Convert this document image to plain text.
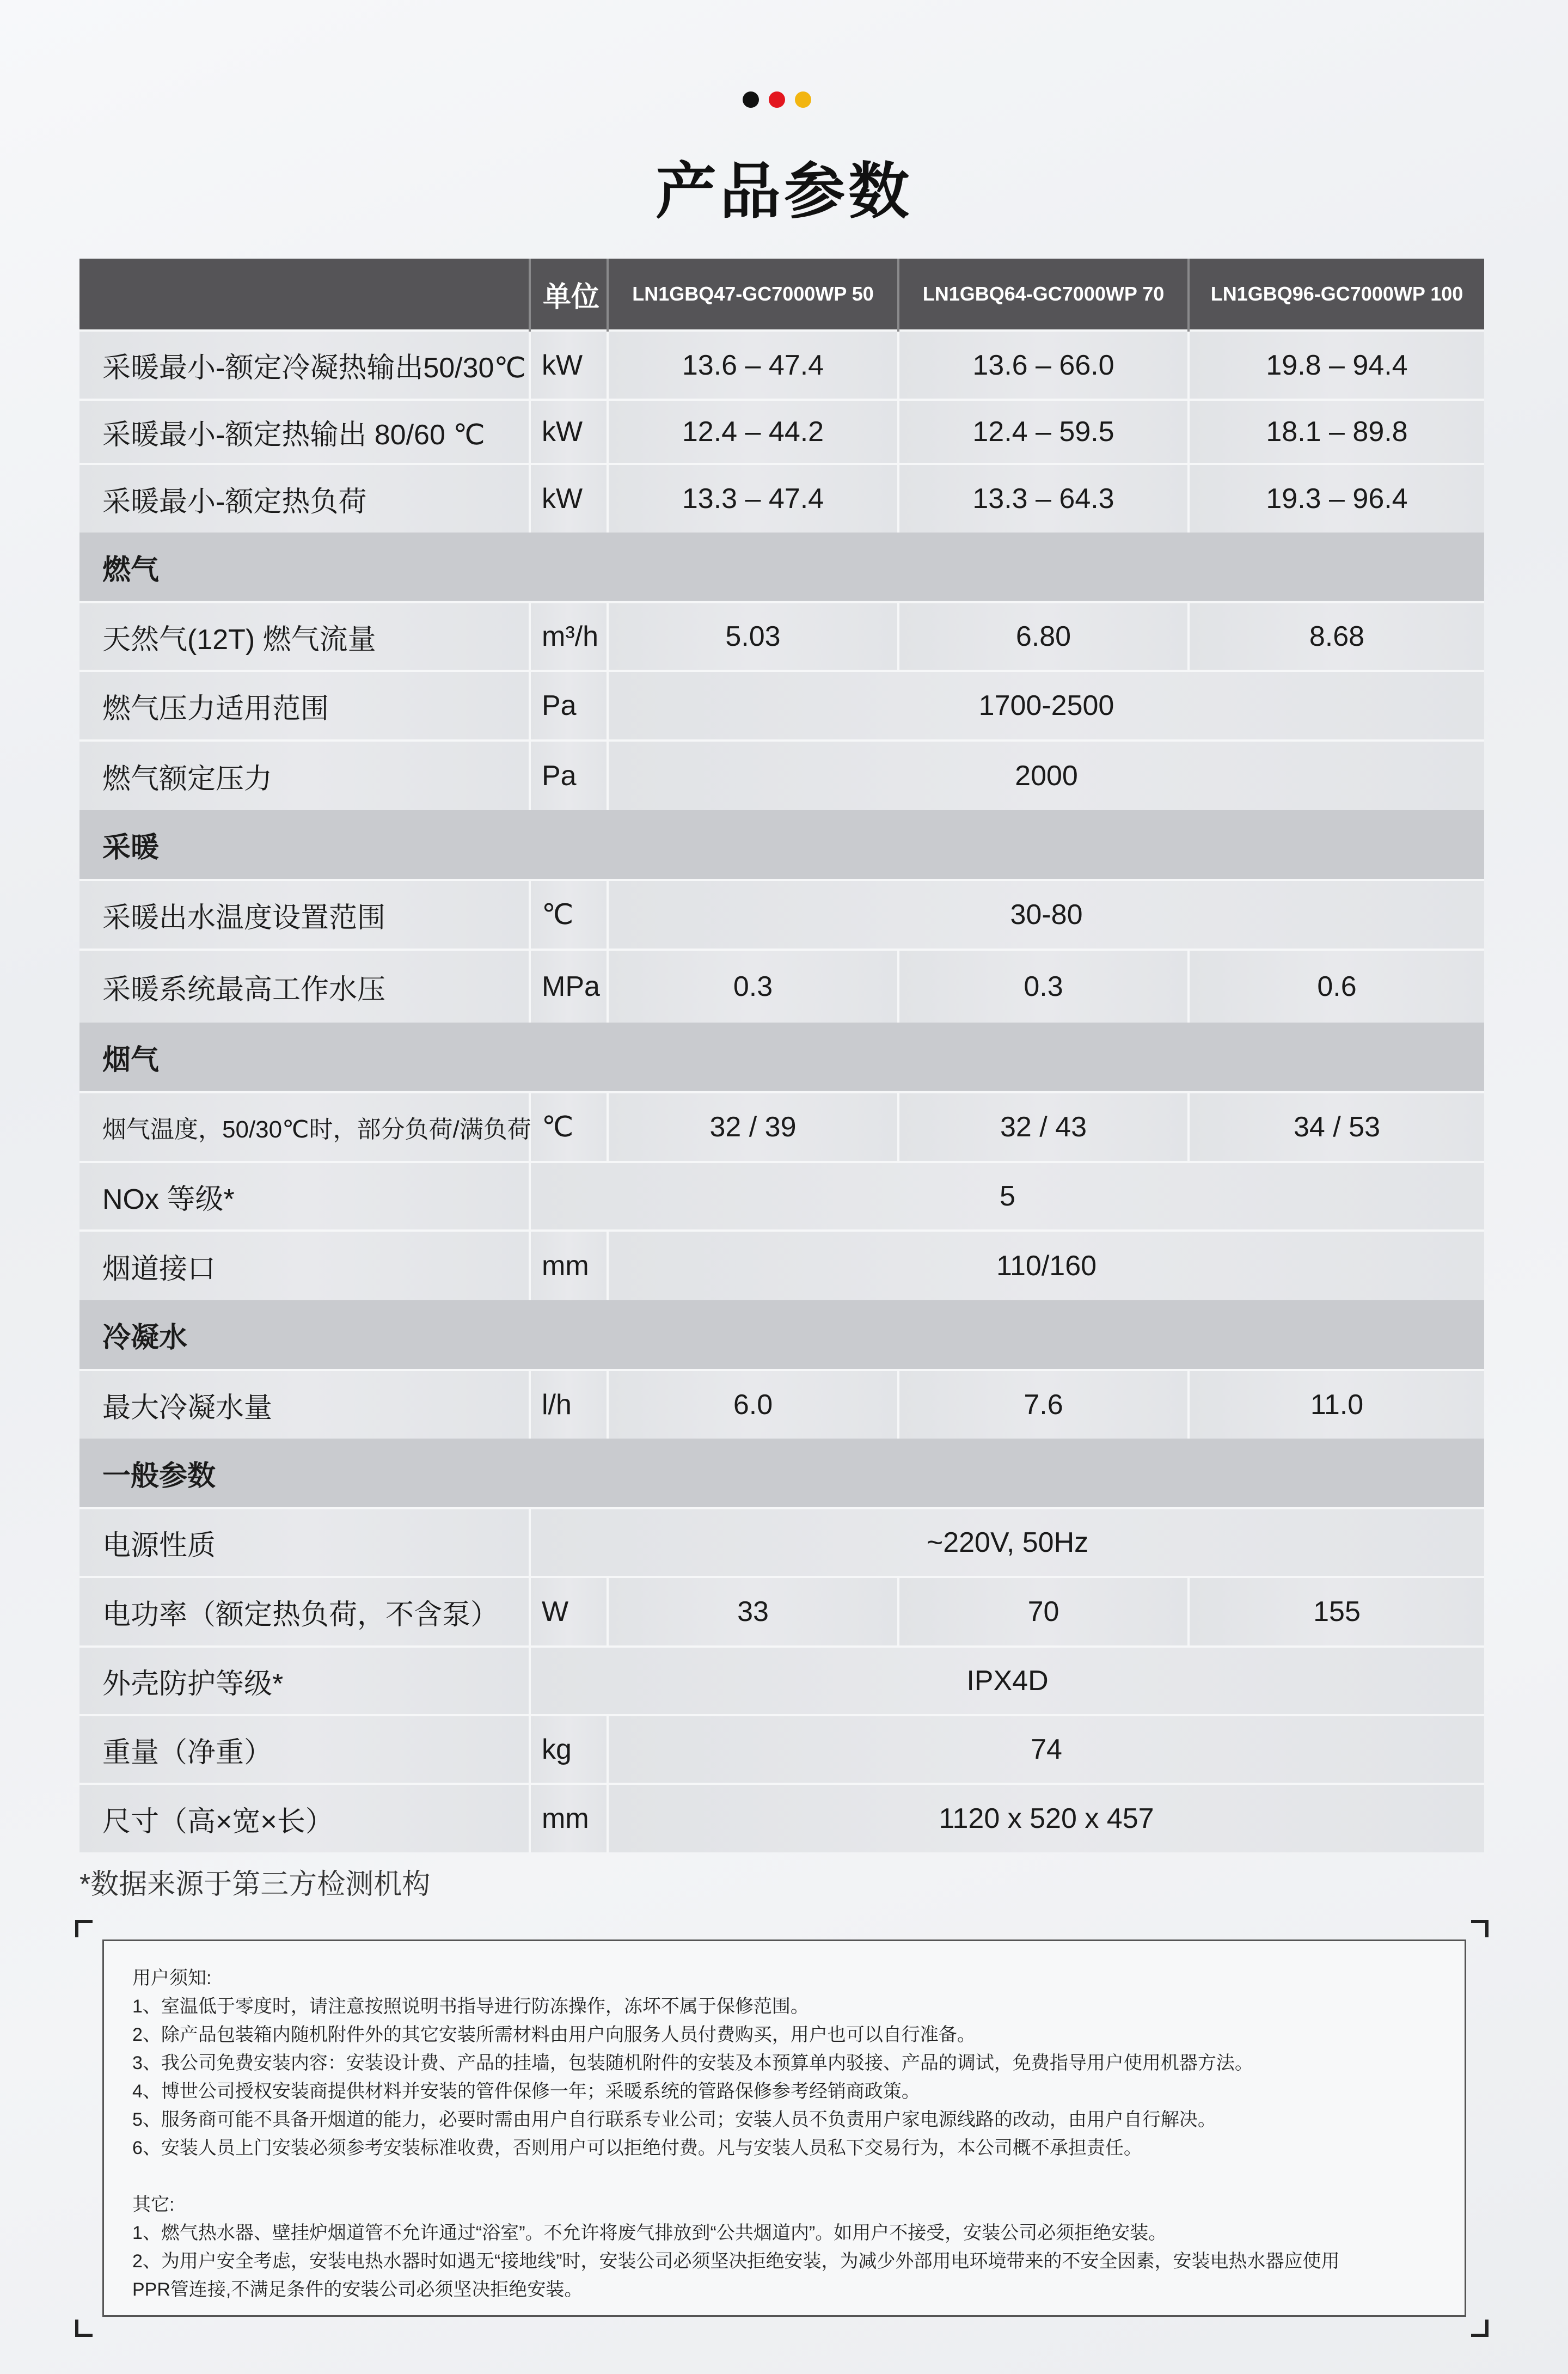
产品参数
	单位	LN1GBQ47-GC7000WP 50	LN1GBQ64-GC7000WP 70	LN1GBQ96-GC7000WP 100
采暖最小-额定冷凝热输出50/30℃	kW	13.6 – 47.4	13.6 – 66.0	19.8 – 94.4
采暖最小-额定热输出 80/60 ℃	kW	12.4 – 44.2	12.4 – 59.5	18.1 – 89.8
采暖最小-额定热负荷	kW	13.3 – 47.4	13.3 – 64.3	19.3 – 96.4
燃气				
天然气(12T) 燃气流量	m³/h	5.03	6.80	8.68
燃气压力适用范围	Pa	1700-2500		
燃气额定压力	Pa	2000		
采暖				
采暖出水温度设置范围	℃	30-80		
采暖系统最高工作水压	MPa	0.3	0.3	0.6
烟气				
烟气温度，50/30℃时，部分负荷/满负荷	℃	32 / 39	32 / 43	34 / 53
NOx 等级*	5			
烟道接口	mm	110/160		
冷凝水				
最大冷凝水量	l/h	6.0	7.6	11.0
一般参数				
电源性质	~220V, 50Hz			
电功率（额定热负荷，不含泵）	W	33	70	155
外壳防护等级*	IPX4D			
重量（净重）	kg	74		
尺寸（高×宽×长）	mm	1120 x 520 x 457		
*数据来源于第三方检测机构

用户须知:

1、室温低于零度时，请注意按照说明书指导进行防冻操作，冻坏不属于保修范围。

2、除产品包装箱内随机附件外的其它安装所需材料由用户向服务人员付费购买，用户也可以自行准备。

3、我公司免费安装内容：安装设计费、产品的挂墙，包装随机附件的安装及本预算单内驳接、产品的调试，免费指导用户使用机器方法。

4、博世公司授权安装商提供材料并安装的管件保修一年；采暖系统的管路保修参考经销商政策。

5、服务商可能不具备开烟道的能力，必要时需由用户自行联系专业公司；安装人员不负责用户家电源线路的改动，由用户自行解决。

6、安装人员上门安装必须参考安装标准收费，否则用户可以拒绝付费。凡与安装人员私下交易行为，本公司概不承担责任。

其它:

1、燃气热水器、壁挂炉烟道管不允许通过“浴室”。不允许将废气排放到“公共烟道内”。如用户不接受，安装公司必须拒绝安装。

2、为用户安全考虑，安装电热水器时如遇无“接地线”时，安装公司必须坚决拒绝安装，为减少外部用电环境带来的不安全因素，安装电热水器应使用

PPR管连接,不满足条件的安装公司必须坚决拒绝安装。
